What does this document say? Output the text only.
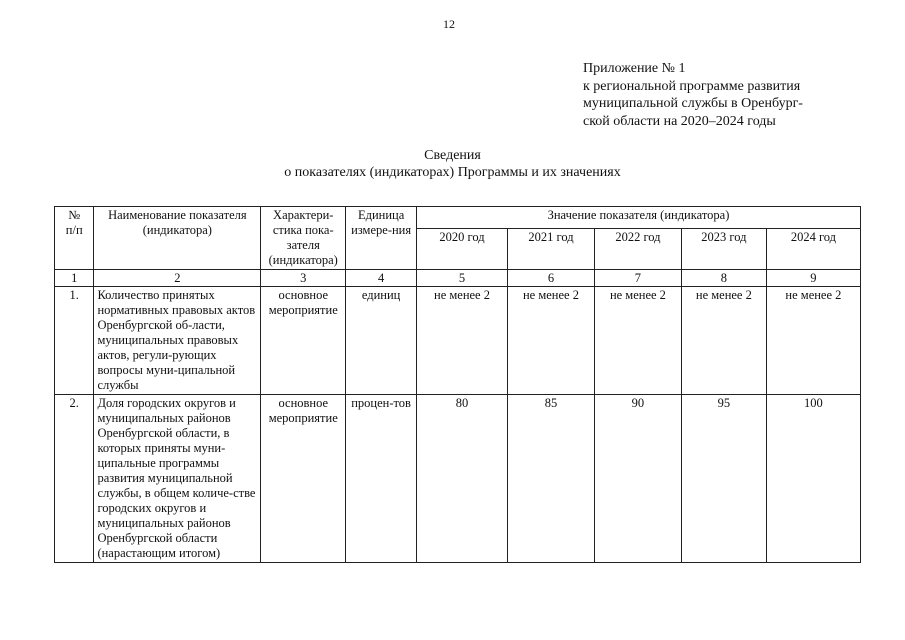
12
Приложение № 1
к региональной программе развития
муниципальной службы в Оренбург-
ской области на 2020–2024 годы
Сведения
о показателях (индикаторах) Программы и их значениях
№
п/п	Наименование показателя (индикатора)	Характери-стика пока-зателя (индикатора)	Единица измере-ния	Значение показателя (индикатора)				
				2020 год	2021 год	2022 год	2023 год	2024 год
1	2	3	4	5	6	7	8	9
1.	Количество принятых нормативных правовых актов Оренбургской об-ласти, муниципальных правовых актов, регули-рующих вопросы муни-ципальной службы	основное мероприятие	единиц	не менее 2	не менее 2	не менее 2	не менее 2	не менее 2
2.	Доля городских округов и муниципальных районов Оренбургской области, в которых приняты муни-ципальные программы развития муниципальной службы, в общем количе-стве городских округов и муниципальных районов Оренбургской области (нарастающим итогом)	основное мероприятие	процен-тов	80	85	90	95	100
